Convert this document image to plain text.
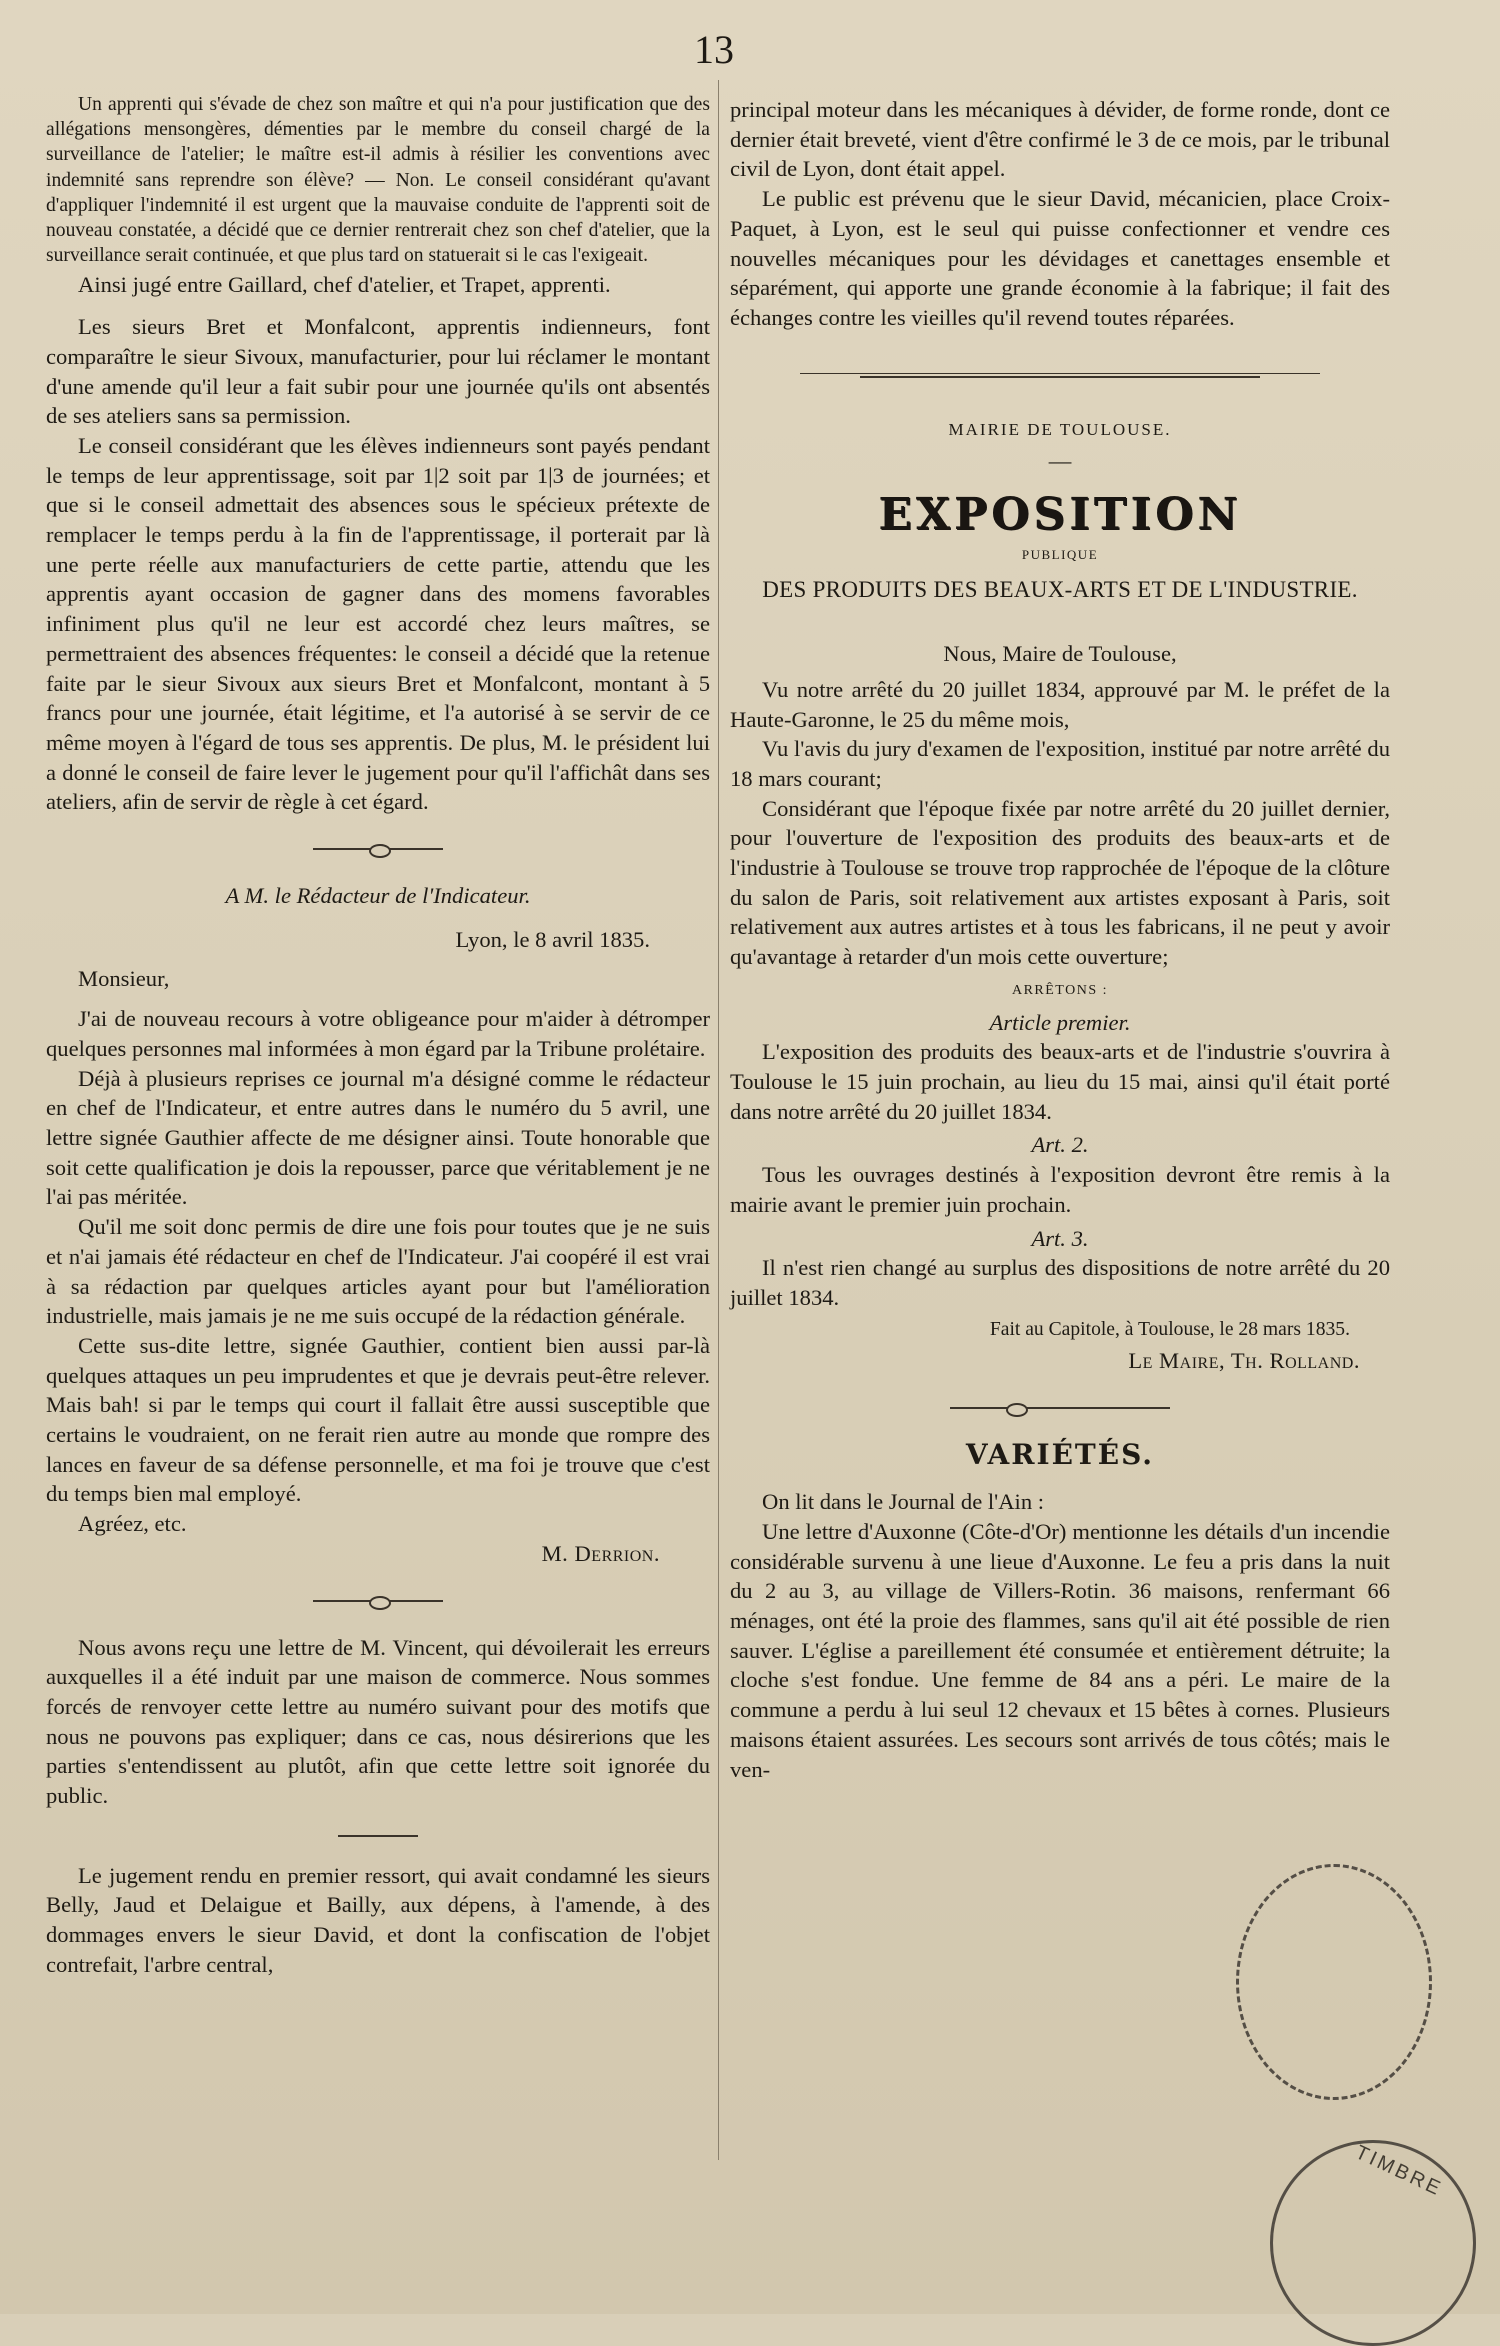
13

Un apprenti qui s'évade de chez son maître et qui n'a pour justification que des allégations mensongères, démenties par le membre du conseil chargé de la surveillance de l'atelier; le maître est-il admis à résilier les conventions avec indemnité sans reprendre son élève? — Non. Le conseil considérant qu'avant d'appliquer l'indemnité il est urgent que la mauvaise conduite de l'apprenti soit de nouveau constatée, a décidé que ce dernier rentrerait chez son chef d'atelier, que la surveillance serait continuée, et que plus tard on statuerait si le cas l'exigeait.

Ainsi jugé entre Gaillard, chef d'atelier, et Trapet, apprenti.

Les sieurs Bret et Monfalcont, apprentis indienneurs, font comparaître le sieur Sivoux, manufacturier, pour lui réclamer le montant d'une amende qu'il leur a fait subir pour une journée qu'ils ont absentés de ses ateliers sans sa permission.

Le conseil considérant que les élèves indienneurs sont payés pendant le temps de leur apprentissage, soit par 1|2 soit par 1|3 de journées; et que si le conseil admettait des absences sous le spécieux prétexte de remplacer le temps perdu à la fin de l'apprentissage, il porterait par là une perte réelle aux manufacturiers de cette partie, attendu que les apprentis ayant occasion de gagner dans des momens favorables infiniment plus qu'il ne leur est accordé chez leurs maîtres, se permettraient des absences fréquentes: le conseil a décidé que la retenue faite par le sieur Sivoux aux sieurs Bret et Monfalcont, montant à 5 francs pour une journée, était légitime, et l'a autorisé à se servir de ce même moyen à l'égard de tous ses apprentis. De plus, M. le président lui a donné le conseil de faire lever le jugement pour qu'il l'affichât dans ses ateliers, afin de servir de règle à cet égard.

A M. le Rédacteur de l'Indicateur.

Lyon, le 8 avril 1835.

Monsieur,

J'ai de nouveau recours à votre obligeance pour m'aider à détromper quelques personnes mal informées à mon égard par la Tribune prolétaire.

Déjà à plusieurs reprises ce journal m'a désigné comme le rédacteur en chef de l'Indicateur, et entre autres dans le numéro du 5 avril, une lettre signée Gauthier affecte de me désigner ainsi. Toute honorable que soit cette qualification je dois la repousser, parce que véritablement je ne l'ai pas méritée.

Qu'il me soit donc permis de dire une fois pour toutes que je ne suis et n'ai jamais été rédacteur en chef de l'Indicateur. J'ai coopéré il est vrai à sa rédaction par quelques articles ayant pour but l'amélioration industrielle, mais jamais je ne me suis occupé de la rédaction générale.

Cette sus-dite lettre, signée Gauthier, contient bien aussi par-là quelques attaques un peu imprudentes et que je devrais peut-être relever. Mais bah! si par le temps qui court il fallait être aussi susceptible que certains le voudraient, on ne ferait rien autre au monde que rompre des lances en faveur de sa défense personnelle, et ma foi je trouve que c'est du temps bien mal employé.

Agréez, etc.

M. Derrion.

Nous avons reçu une lettre de M. Vincent, qui dévoilerait les erreurs auxquelles il a été induit par une maison de commerce. Nous sommes forcés de renvoyer cette lettre au numéro suivant pour des motifs que nous ne pouvons pas expliquer; dans ce cas, nous désirerions que les parties s'entendissent au plutôt, afin que cette lettre soit ignorée du public.

Le jugement rendu en premier ressort, qui avait condamné les sieurs Belly, Jaud et Delaigue et Bailly, aux dépens, à l'amende, à des dommages envers le sieur David, et dont la confiscation de l'objet contrefait, l'arbre central,

principal moteur dans les mécaniques à dévider, de forme ronde, dont ce dernier était breveté, vient d'être confirmé le 3 de ce mois, par le tribunal civil de Lyon, dont était appel.

Le public est prévenu que le sieur David, mécanicien, place Croix-Paquet, à Lyon, est le seul qui puisse confectionner et vendre ces nouvelles mécaniques pour les dévidages et canettages ensemble et séparément, qui apporte une grande économie à la fabrique; il fait des échanges contre les vieilles qu'il revend toutes réparées.

MAIRIE DE TOULOUSE.

—

EXPOSITION
PUBLIQUE
DES PRODUITS DES BEAUX-ARTS ET DE L'INDUSTRIE.

Nous, Maire de Toulouse,

Vu notre arrêté du 20 juillet 1834, approuvé par M. le préfet de la Haute-Garonne, le 25 du même mois,

Vu l'avis du jury d'examen de l'exposition, institué par notre arrêté du 18 mars courant;

Considérant que l'époque fixée par notre arrêté du 20 juillet dernier, pour l'ouverture de l'exposition des produits des beaux-arts et de l'industrie à Toulouse se trouve trop rapprochée de l'époque de la clôture du salon de Paris, soit relativement aux artistes exposant à Paris, soit relativement aux autres artistes et à tous les fabricans, il ne peut y avoir qu'avantage à retarder d'un mois cette ouverture;

ARRÊTONS :

Article premier.

L'exposition des produits des beaux-arts et de l'industrie s'ouvrira à Toulouse le 15 juin prochain, au lieu du 15 mai, ainsi qu'il était porté dans notre arrêté du 20 juillet 1834.

Art. 2.

Tous les ouvrages destinés à l'exposition devront être remis à la mairie avant le premier juin prochain.

Art. 3.

Il n'est rien changé au surplus des dispositions de notre arrêté du 20 juillet 1834.

Fait au Capitole, à Toulouse, le 28 mars 1835.

Le Maire, Th. Rolland.

VARIÉTÉS.

On lit dans le Journal de l'Ain :

Une lettre d'Auxonne (Côte-d'Or) mentionne les détails d'un incendie considérable survenu à une lieue d'Auxonne. Le feu a pris dans la nuit du 2 au 3, au village de Villers-Rotin. 36 maisons, renfermant 66 ménages, ont été la proie des flammes, sans qu'il ait été possible de rien sauver. L'église a pareillement été consumée et entièrement détruite; la cloche s'est fondue. Une femme de 84 ans a péri. Le maire de la commune a perdu à lui seul 12 chevaux et 15 bêtes à cornes. Plusieurs maisons étaient assurées. Les secours sont arrivés de tous côtés; mais le ven-

TIMBRE
